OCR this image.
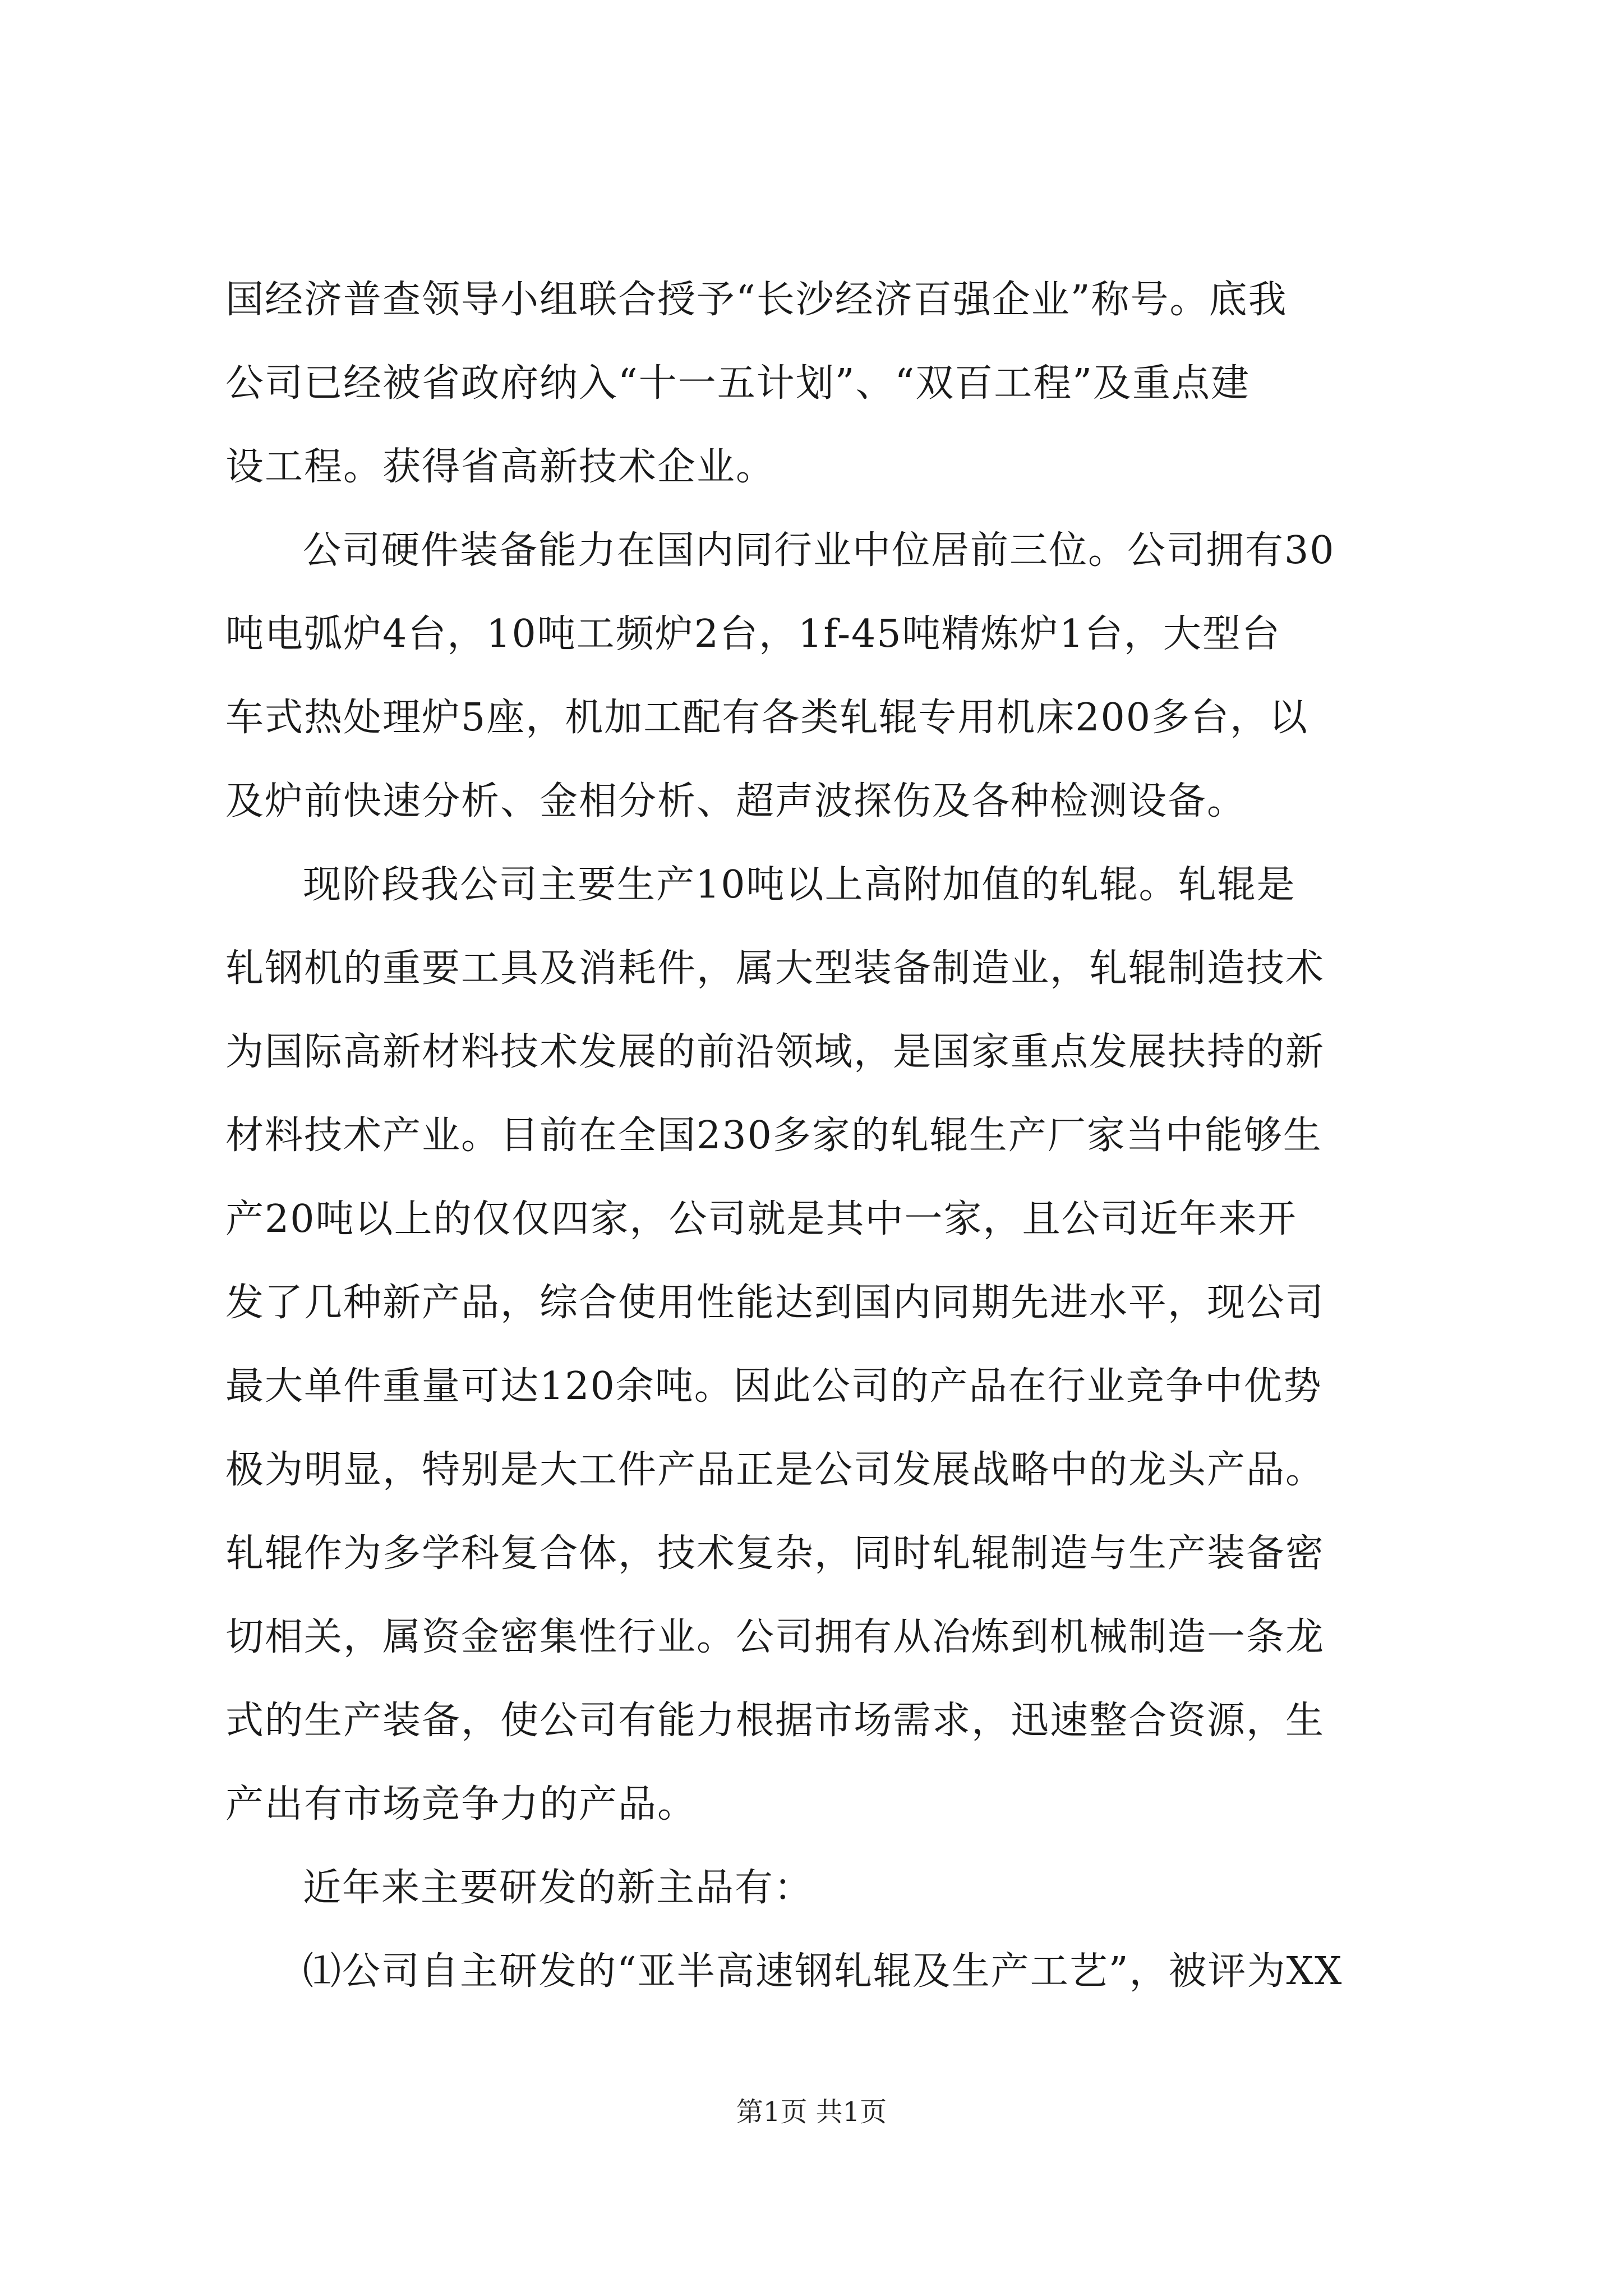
国经济普查领导小组联合授予“长沙经济百强企业”称号。底我
公司已经被省政府纳入“十一五计划”、“双百工程”及重点建
设工程。获得省高新技术企业。
公司硬件装备能力在国内同行业中位居前三位。公司拥有30
吨电弧炉4台，10吨工频炉2台，1f-45吨精炼炉1台，大型台
车式热处理炉5座，机加工配有各类轧辊专用机床200多台，以
及炉前快速分析、金相分析、超声波探伤及各种检测设备。
现阶段我公司主要生产10吨以上高附加值的轧辊。轧辊是
轧钢机的重要工具及消耗件，属大型装备制造业，轧辊制造技术
为国际高新材料技术发展的前沿领域，是国家重点发展扶持的新
材料技术产业。目前在全国230多家的轧辊生产厂家当中能够生
产20吨以上的仅仅四家，公司就是其中一家，且公司近年来开
发了几种新产品，综合使用性能达到国内同期先进水平，现公司
最大单件重量可达120余吨。因此公司的产品在行业竞争中优势
极为明显，特别是大工件产品正是公司发展战略中的龙头产品。
轧辊作为多学科复合体，技术复杂，同时轧辊制造与生产装备密
切相关，属资金密集性行业。公司拥有从冶炼到机械制造一条龙
式的生产装备，使公司有能力根据市场需求，迅速整合资源，生
产出有市场竞争力的产品。
近年来主要研发的新主品有：
⑴公司自主研发的“亚半高速钢轧辊及生产工艺”，被评为XX
第1页 共1页
